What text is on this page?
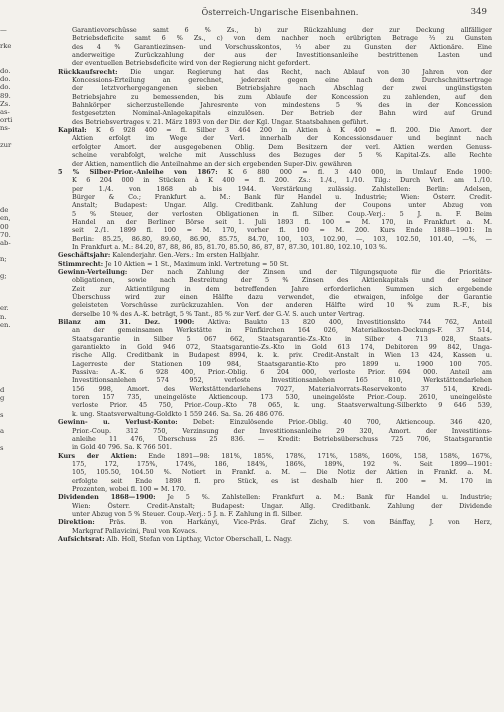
Österreich-Ungarische Eisenbahnen.	349
—
rke
do.
do.
do.
89.
Zs.
as-
orti
ns-
zur
de
en,
00
70.
ab-
n;
g;
er.
n.
en.
d
g
s
a
s
Garantievorschüsse samt 6 % Zs., b) zur Rückzahlung der zur Deckung allfälliger
Betriebsdeficite samt 6 % Zs., c) von dem nachher noch erübrigten Betrage ⅔ zu Gunsten
des 4 % Garantiezinsen- und Vorschusskontos, ⅓ aber zu Gunsten der Aktionäre. Eine
anderweitige Zurückzahlung der aus der Investitionsanleihe bestrittenen Lasten und
der eventuellen Betriebsdeficite wird von der Regierung nicht gefordert.
Rückkaufsrecht: Die ungar. Regierung hat das Recht, nach Ablauf von 30 Jahren von der
Koncessions-Erteilung an gerechnet, jederzeit gegen eine nach dem Durchschnittsertrage
der letztvorhergegangenen sieben Betriebsjahre nach Abschlag der zwei ungünstigsten
Betriebsjahre zu bemessenden, bis zum Ablaufe der Koncession zu zahlenden, auf den
Bahnkörper sicherzustellende Jahresrente von mindestens 5 % des in der Koncession
festgesetzten Nominal-Anlagekapitals einzulösen. Der Betrieb der Bahn wird auf Grund
des Betriebsvertrages v. 21. März 1893 von der Dir. der Kgl. Ungar. Staatsbahnen geführt.
Kapital: K 6 928 400 = fl. Silber 3 464 200 in Aktien à K 400 = fl. 200. Die Amort. der
Aktien erfolgt im Wege der Verl. innerhalb der Koncessionsdauer und beginnt nach
erfolgter Amort. der ausgegebenen Oblig. Dem Besitzern der verl. Aktien werden Genuss-
scheine verabfolgt, welche mit Ausschluss des Bezuges der 5 % Kapital-Zs. alle Rechte
der Aktien, namentlich die Anteilnahme an der sich ergebenden Super-Div. gewähren
5 % Silber-Prior.-Anleihe von 1867: K 6 880 000 = fl. 3 440 000, in Umlauf Ende 1900:
K 6 204 000 in Stücken à K 400 = fl. 200. Zs.: 1./4., 1./10. Tilg.: Durch Verl. am 1./10.
per 1./4. von 1868 ab bis 1944. Verstärkung zulässig. Zahlstellen: Berlin: Adelsen,
Bürger & Co.; Frankfurt a. M.: Bank für Handel u. Industrie; Wien: Österr. Credit-
Anstalt; Budapest: Ungar. Allg. Creditbank. Zahlung der Coupons unter Abzug von
5 % Steuer, der verlosten Obligationen in fl. Silber. Coup.-Verj.: 5 J. n. F. Beim
Handel an der Berliner Börse seit 1. Juli 1893 fl. 100 = M. 170, in Frankfurt a. M.
seit 2./1. 1899 fl. 100 = M. 170, vorher fl. 100 = M. 200. Kurs Ende 1888—1901: In
Berlin: 85.25, 86.80, 89.60, 86.90, 85.75, 84.70, 100, 103, 102.90, —, 103, 102.50, 101.40, —%, —
In Frankfurt a. M.: 84.20, 87, 88, 86, 85, 81.70, 85.50, 86, 87, 87, 87.30, 101.80, 102.10, 103 %.
Geschäftsjahr: Kalenderjahr. Gen.-Vers.: Im ersten Halbjahr.
Stimmrecht: Je 10 Aktien = 1 St., Maximum inkl. Vertretung = 50 St.
Gewinn-Verteilung: Der nach Zahlung der Zinsen und der Tilgungsquote für die Prioritäts-
obligationen, sowie nach Bestreitung der 5 % Zinsen des Aktienkapitals und der seiner
Zeit zur Aktientilgung in dem betreffenden Jahre erforderlichen Summen sich ergebende
Überschuss wird zur einen Hälfte dazu verwendet, die etwaigen, infolge der Garantie
geleisteten Vorschüsse zurückzuzahlen. Von der anderen Hälfte wird 10 % zum R.-F., bis
derselbe 10 % des A.-K. beträgt, 5 % Tant., 85 % zur Verf. der G.-V. S. auch unter Vertrag.
Bilanz am 31. Dez. 1900: Aktiva: Baukto 13 820 400, Investitionskto 744 762, Anteil
an der gemeinsamen Werkstätte in Fünfkirchen 164 026, Materialkosten-Deckungs-F. 37 514,
Staatsgarantie in Silber 5 067 662, Staatsgarantie-Zs.-Kto in Silber 4 713 028, Staats-
garantiekto in Gold 946 072, Staatsgarantie-Zs.-Kto in Gold 613 174, Debitoren 99 842, Unga-
rische Allg. Creditbank in Budapest 8994, k. k. priv. Credit-Anstalt in Wien 13 424, Kassen u.
Lagerreste der Stationen 109 984, Staatsgarantie-Kto pro 1899 u. 1900 100 705.
Passiva: A.-K. 6 928 400, Prior.-Oblig. 6 204 000, verloste Prior. 694 000. Anteil am
Investitionsanlehen 574 952, verloste Investitionsanlehen 165 810, Werkstättendarlehen
156 998, Amort. des Werkstättendarlehens 7027, Materialvorrats-Reservekonto 37 514, Kredi-
toren 157 735, uneingelöste Aktiencoup. 173 530, uneingelöste Prior.-Coup. 2610, uneingelöste
verloste Prior. 45 750, Prior.-Coup.-Kto 78 065, k. ung. Staatsverwaltung-Silberkto 9 646 539,
k. ung. Staatsverwaltung-Goldkto 1 559 246. Sa. Sa. 26 486 076.
Gewinn- u. Verlust-Konto: Debet: Einzulösende Prior.-Oblig. 40 700, Aktiencoup. 346 420,
Prior.-Coup. 312 750, Verzinsung der Investitionsanleihe 29 320, Amort. der Investitions-
anleihe 11 476, Überschuss 25 836. — Kredit: Betriebsüberschuss 725 706, Staatsgarantie
in Gold 40 796. Sa. K 766 501.
Kurs der Aktien: Ende 1891—98: 181%, 185%, 178%, 171%, 158%, 160%, 158, 158%, 167%,
175, 172, 175%, 174%, 186, 184%, 186%, 189%, 192 %. Seit 1899—1901:
105, 105.50, 104.50 %. Notiert in Frankf. a. M. — Die Notiz der Aktien in Frankf. a. M.
erfolgte seit Ende 1898 fl. pro Stück, es ist deshalb hier fl. 200 = M. 170 in
Prozenten, wobei fl. 100 = M. 170.
Dividenden 1868—1900: Je 5 %. Zahlstellen: Frankfurt a. M.: Bank für Handel u. Industrie;
Wien: Österr. Credit-Anstalt; Budapest: Ungar. Allg. Creditbank. Zahlung der Dividende
unter Abzug von 5 % Steuer. Coup.-Verj.: 5 J. n. F. Zahlung in fl. Silber.
Direktion: Präs. B. von Harkányi, Vice-Präs. Graf Zichy, S. von Bánffay, J. von Herz,
Markgraf Pallavicini, Paul von Kovacs.
Aufsichtsrat: Alb. Holl, Stefan von Lipthay, Victor Oberschall, L. Nagy.
